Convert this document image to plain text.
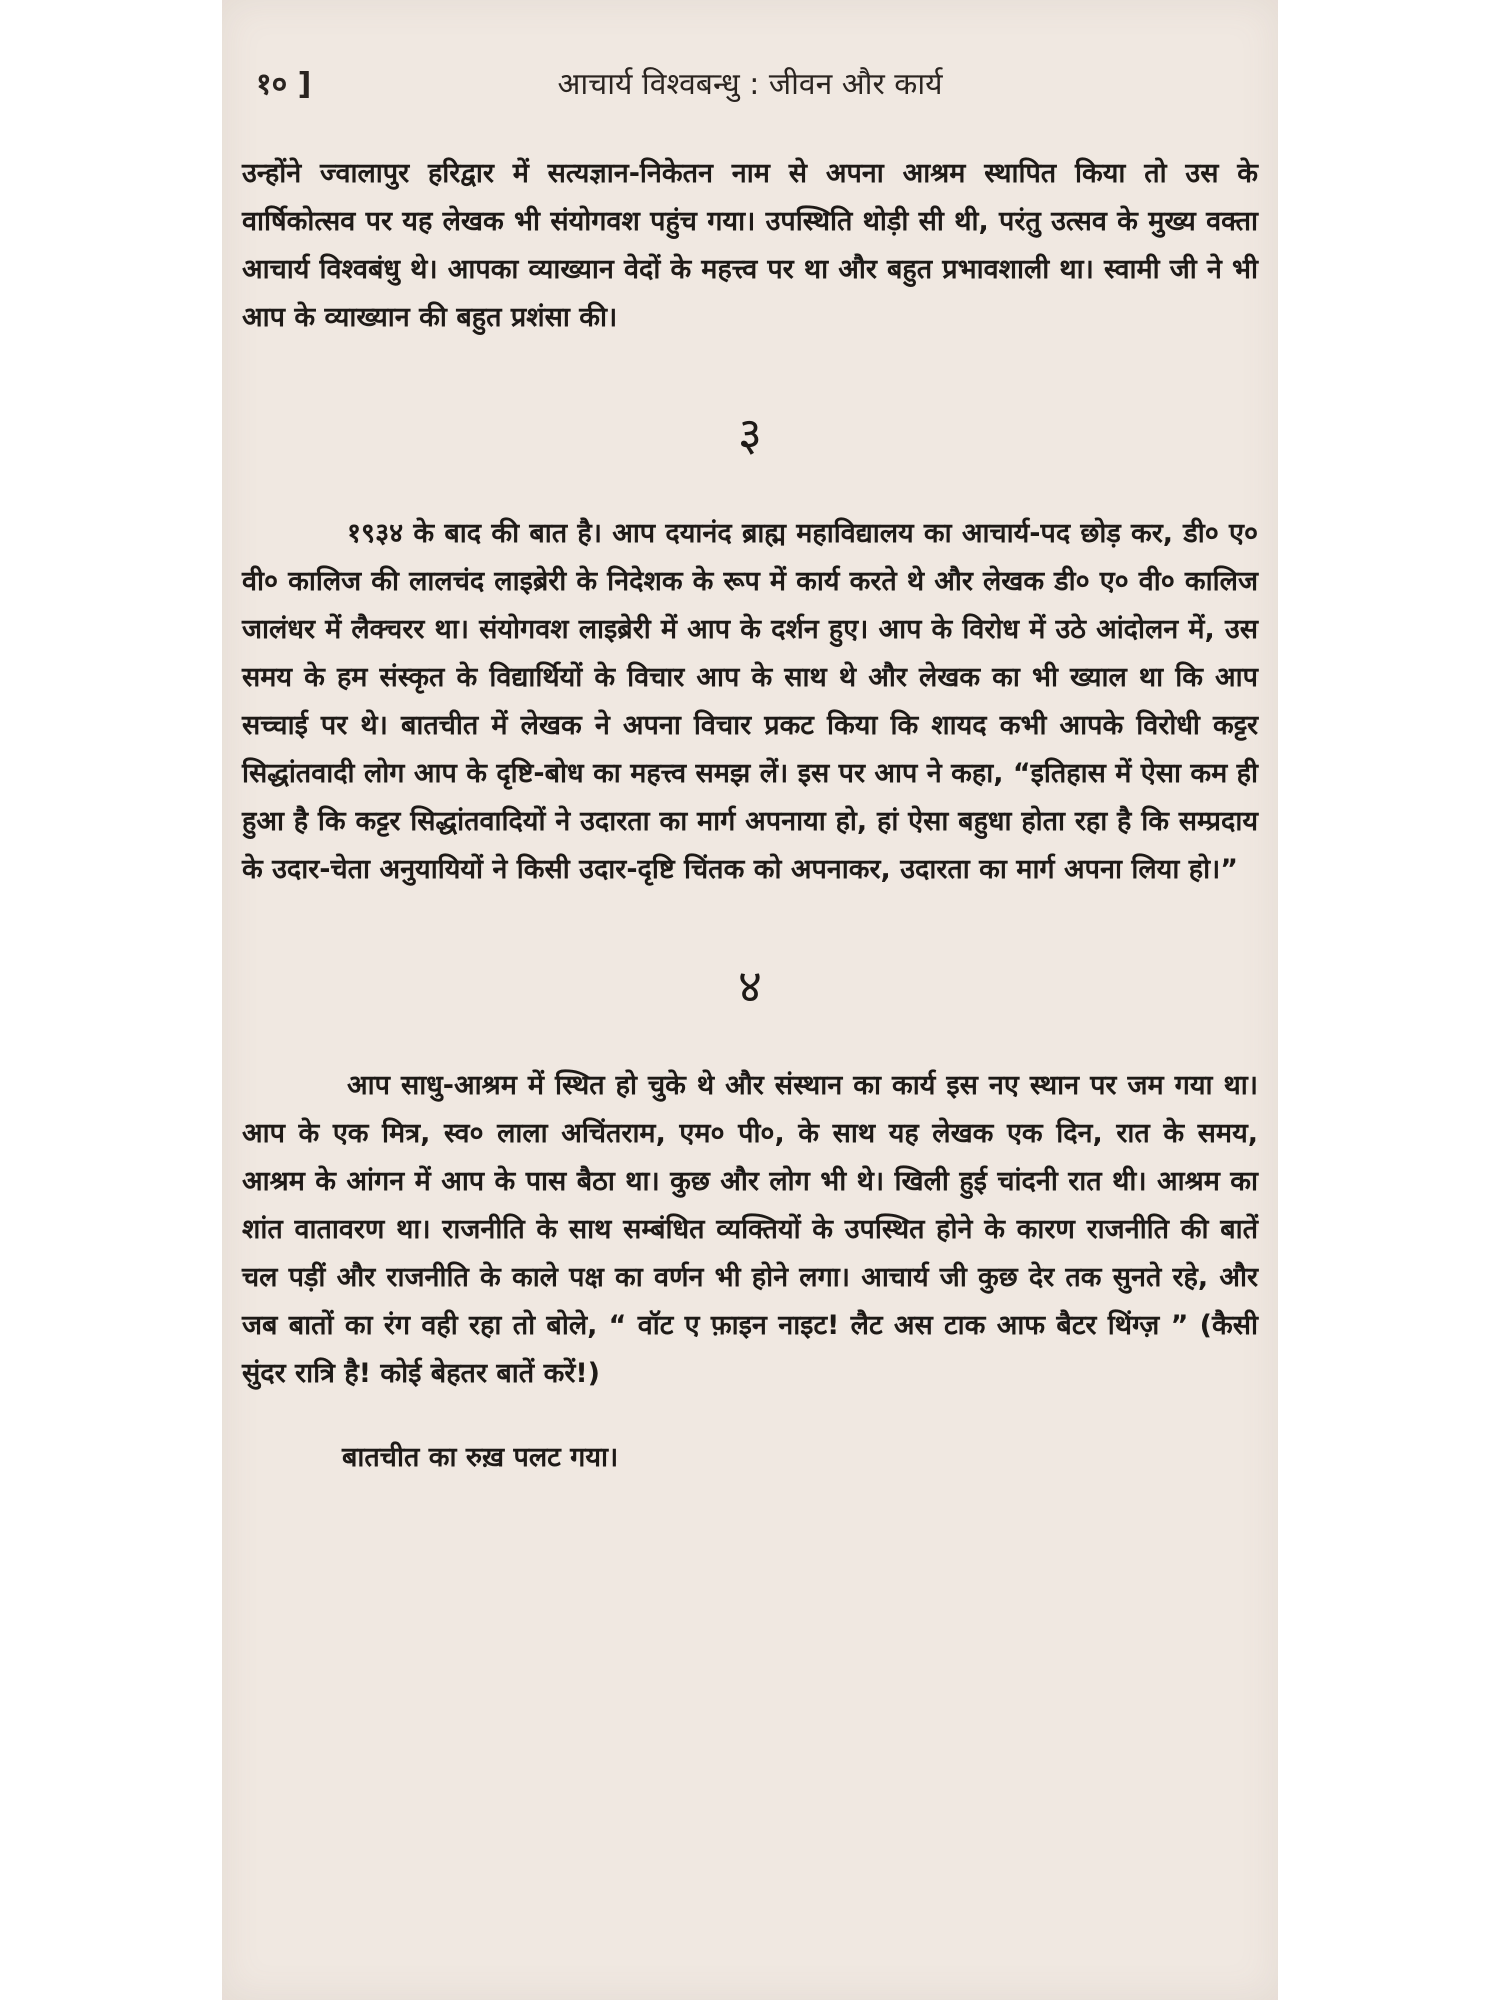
१० ]	आचार्य विश्वबन्धु : जीवन और कार्य

उन्होंने ज्वालापुर हरिद्वार में सत्यज्ञान-निकेतन नाम से अपना आश्रम स्थापित किया तो उस के वार्षिकोत्सव पर यह लेखक भी संयोगवश पहुंच गया। उपस्थिति थोड़ी सी थी, परंतु उत्सव के मुख्य वक्ता आचार्य विश्वबंधु थे। आपका व्याख्यान वेदों के महत्त्व पर था और बहुत प्रभावशाली था। स्वामी जी ने भी आप के व्याख्यान की बहुत प्रशंसा की।

३

१९३४ के बाद की बात है। आप दयानंद ब्राह्म महाविद्यालय का आचार्य-पद छोड़ कर, डी० ए० वी० कालिज की लालचंद लाइब्रेरी के निदेशक के रूप में कार्य करते थे और लेखक डी० ए० वी० कालिज जालंधर में लैक्चरर था। संयोगवश लाइब्रेरी में आप के दर्शन हुए। आप के विरोध में उठे आंदोलन में, उस समय के हम संस्कृत के विद्यार्थियों के विचार आप के साथ थे और लेखक का भी ख्याल था कि आप सच्चाई पर थे। बातचीत में लेखक ने अपना विचार प्रकट किया कि शायद कभी आपके विरोधी कट्टर सिद्धांतवादी लोग आप के दृष्टि-बोध का महत्त्व समझ लें। इस पर आप ने कहा, “इतिहास में ऐसा कम ही हुआ है कि कट्टर सिद्धांतवादियों ने उदारता का मार्ग अपनाया हो, हां ऐसा बहुधा होता रहा है कि सम्प्रदाय के उदार-चेता अनुयायियों ने किसी उदार-दृष्टि चिंतक को अपनाकर, उदारता का मार्ग अपना लिया हो।”

४

आप साधु-आश्रम में स्थित हो चुके थे और संस्थान का कार्य इस नए स्थान पर जम गया था। आप के एक मित्र, स्व० लाला अचिंतराम, एम० पी०, के साथ यह लेखक एक दिन, रात के समय, आश्रम के आंगन में आप के पास बैठा था। कुछ और लोग भी थे। खिली हुई चांदनी रात थी। आश्रम का शांत वातावरण था। राजनीति के साथ सम्बंधित व्यक्तियों के उपस्थित होने के कारण राजनीति की बातें चल पड़ीं और राजनीति के काले पक्ष का वर्णन भी होने लगा। आचार्य जी कुछ देर तक सुनते रहे, और जब बातों का रंग वही रहा तो बोले, “ वॉट ए फ़ाइन नाइट! लैट अस टाक आफ बैटर थिंग्ज़ ” (कैसी सुंदर रात्रि है! कोई बेहतर बातें करें!)

बातचीत का रुख़ पलट गया।
